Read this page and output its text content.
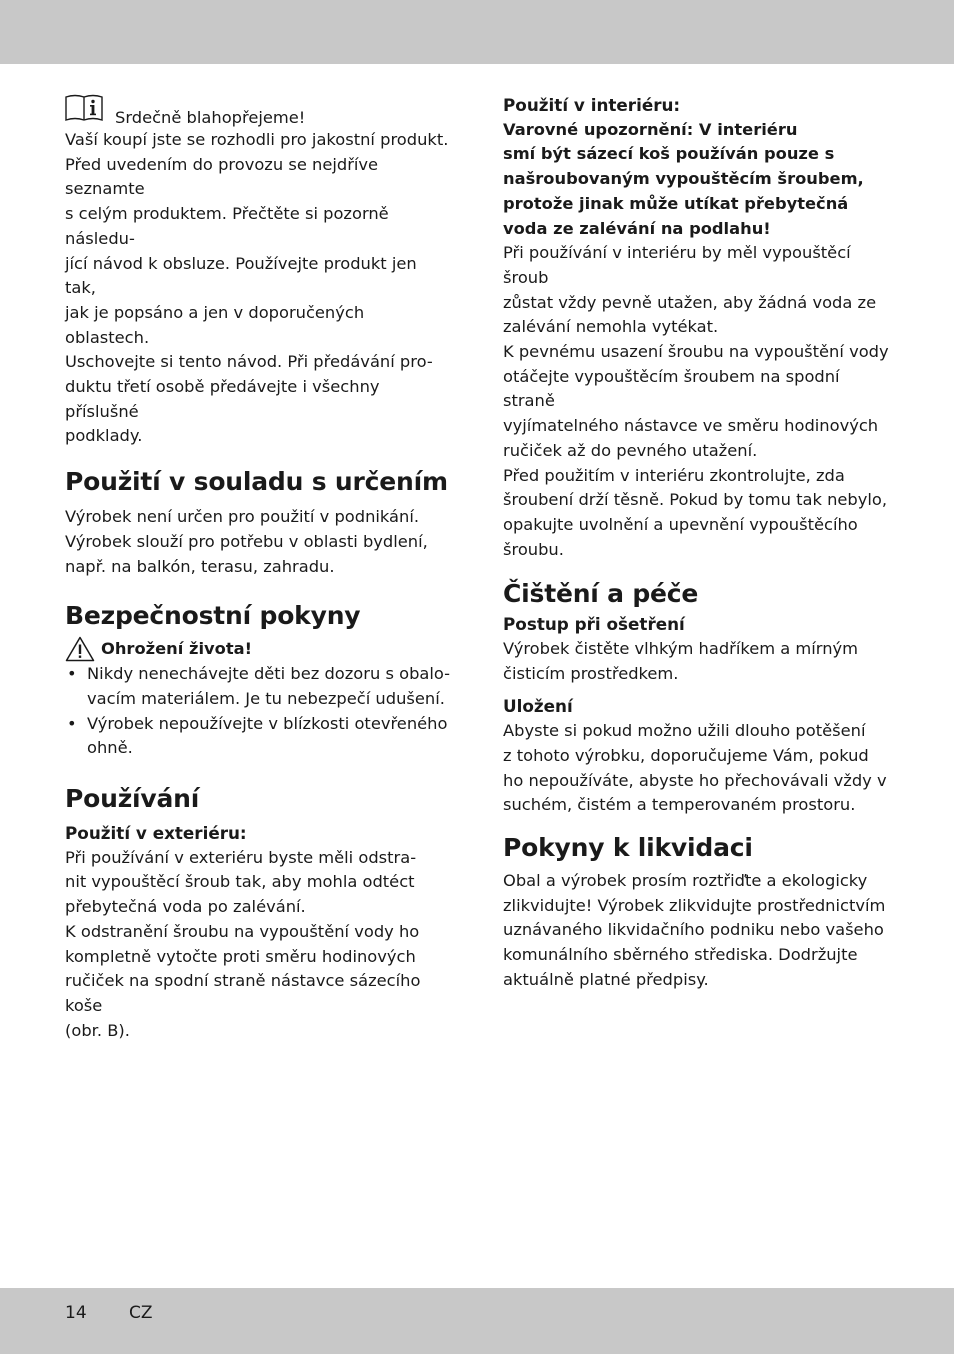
Srdečně blahopřejeme!

Vaší koupí jste se rozhodli pro jakostní produkt.

Před uvedením do provozu se nejdříve seznamte

s celým produktem. Přečtěte si pozorně následu-

jící návod k obsluze. Používejte produkt jen tak,

jak je popsáno a jen v doporučených oblastech.

Uschovejte si tento návod. Při předávání pro-

duktu třetí osobě předávejte i všechny příslušné

podklady.

Použití v souladu s určením

Výrobek není určen pro použití v podnikání.

Výrobek slouží pro potřebu v oblasti bydlení,

např. na balkón, terasu, zahradu.

Bezpečnostní pokyny
Ohrožení života!
• Nikdy nenechávejte děti bez dozoru s obalo-
vacím materiálem. Je tu nebezpečí udušení.
• Výrobek nepoužívejte v blízkosti otevřeného
ohně.
Používání
Použití v exteriéru:

Při používání v exteriéru byste měli odstra-

nit vypouštěcí šroub tak, aby mohla odtéct

přebytečná voda po zalévání.

K odstranění šroubu na vypouštění vody ho

kompletně vytočte proti směru hodinových

ručiček na spodní straně nástavce sázecího koše

(obr. B).

Použití v interiéru:

Varovné upozornění: V interiéru

smí být sázecí koš používán pouze s

našroubovaným vypouštěcím šroubem,

protože jinak může utíkat přebytečná

voda ze zalévání na podlahu!

Při používání v interiéru by měl vypouštěcí šroub

zůstat vždy pevně utažen, aby žádná voda ze

zalévání nemohla vytékat.

K pevnému usazení šroubu na vypouštění vody

otáčejte vypouštěcím šroubem na spodní straně

vyjímatelného nástavce ve směru hodinových

ručiček až do pevného utažení.

Před použitím v interiéru zkontrolujte, zda

šroubení drží těsně. Pokud by tomu tak nebylo,

opakujte uvolnění a upevnění vypouštěcího

šroubu.

Čištění a péče
Postup při ošetření

Výrobek čistěte vlhkým hadříkem a mírným

čisticím prostředkem.

Uložení

Abyste si pokud možno užili dlouho potěšení

z tohoto výrobku, doporučujeme Vám, pokud

ho nepoužíváte, abyste ho přechovávali vždy v

suchém, čistém a temperovaném prostoru.

Pokyny k likvidaci

Obal a výrobek prosím roztřiďte a ekologicky

zlikvidujte! Výrobek zlikvidujte prostřednictvím

uznávaného likvidačního podniku nebo vašeho

komunálního sběrného střediska. Dodržujte

aktuálně platné předpisy.

14 CZ
